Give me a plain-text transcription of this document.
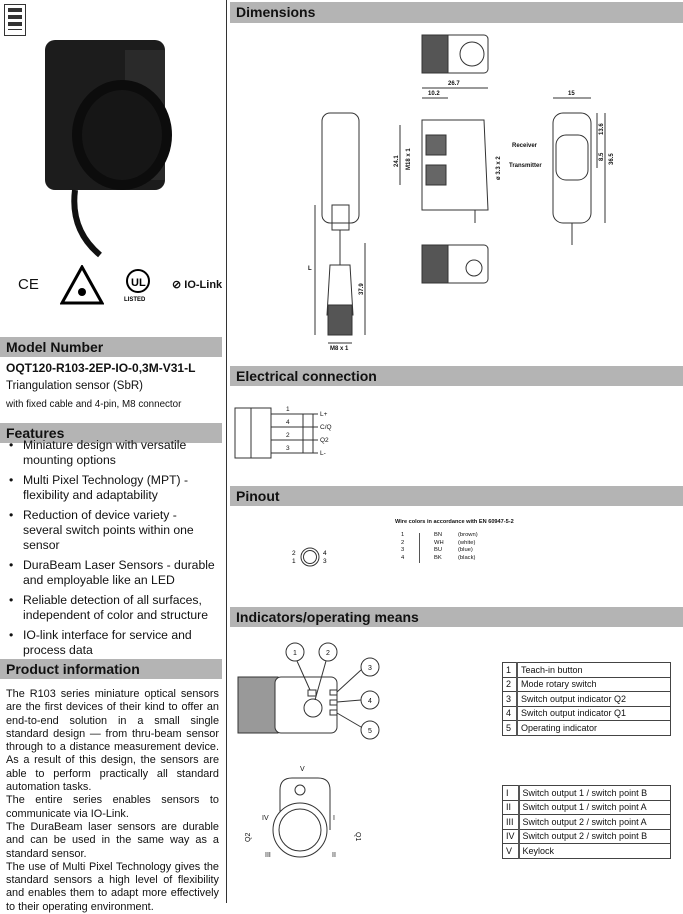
CE	UL
LISTED
⊘ IO-Link
Model Number
OQT120-R103-2EP-IO-0,3M-V31-L
Triangulation sensor (SbR)
with fixed cable and 4-pin, M8 connector
Features
• Miniature design with versatile mounting options
• Multi Pixel Technology (MPT) - flexibility and adaptability
• Reduction of device variety - several switch points within one sensor
• DuraBeam Laser Sensors - durable and employable like an LED
• Reliable detection of all surfaces, independent of color and structure
• IO-link interface for service and process data
Product information

The R103 series miniature optical sensors are the first devices of their kind to offer an end-to-end solution in a small single standard design — from thru-beam sensor through to a distance measurement device. As a result of this design, the sensors are able to perform practically all standard automation tasks.

The entire series enables sensors to communicate via IO-Link.

The DuraBeam laser sensors are durable and can be used in the same way as a standard sensor.

The use of Multi Pixel Technology gives the standard sensors a high level of flexibility and enables them to adapt more effectively to their operating environment.

Dimensions
26.7
10.2	15
24.1 M18 x 1	ø 3.3 x 2
13.6
8.5 36.5
Receiver
Transmitter
L
37.9
M8 x 1
Electrical connection
1
4
2
3
L+
C/Q
Q2
L-
Pinout
2	4
1	3
Wire colors in accordance with EN 60947-5-2
1	BN	(brown)
2	WH (white)
3	BU	(blue)
4	BK	(black)
Indicators/operating means
1	2
3
4
5
V
IV	I
III	II
Q2	Q1
1	Teach-in button
2	Mode rotary switch
3	Switch output indicator Q2
4	Switch output indicator Q1
5	Operating indicator
I	Switch output 1 / switch point B
II	Switch output 1 / switch point A
III	Switch output 2 / switch point A
IV	Switch output 2 / switch point B
V	Keylock
